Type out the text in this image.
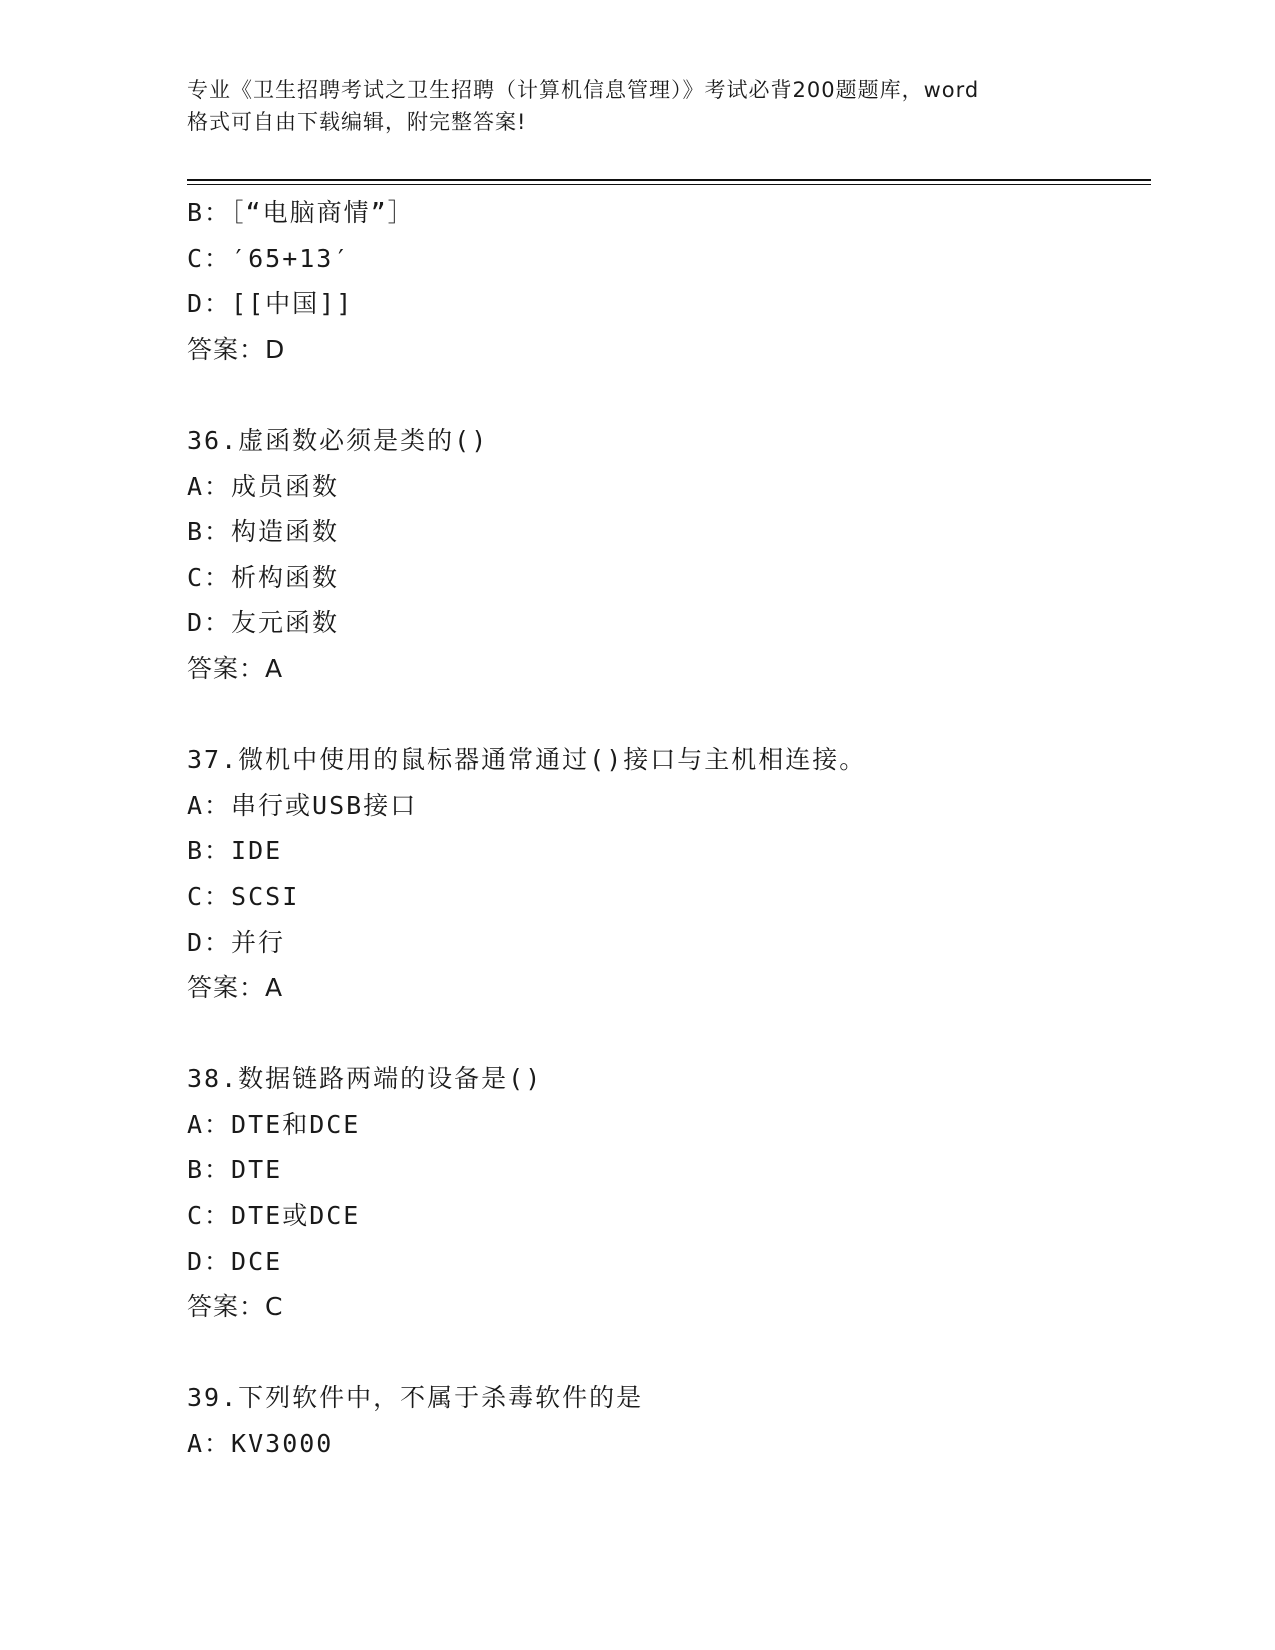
专业《卫生招聘考试之卫生招聘（计算机信息管理）》考试必背200题题库，word
格式可自由下载编辑，附完整答案!
B：［“电脑商情”］
C：′65+13′
D：[[中国]]
答案：D
36.虚函数必须是类的()
A：成员函数
B：构造函数
C：析构函数
D：友元函数
答案：A
37.微机中使用的鼠标器通常通过()接口与主机相连接。
A：串行或USB接口
B：IDE
C：SCSI
D：并行
答案：A
38.数据链路两端的设备是()
A：DTE和DCE
B：DTE
C：DTE或DCE
D：DCE
答案：C
39.下列软件中，不属于杀毒软件的是
A：KV3000
